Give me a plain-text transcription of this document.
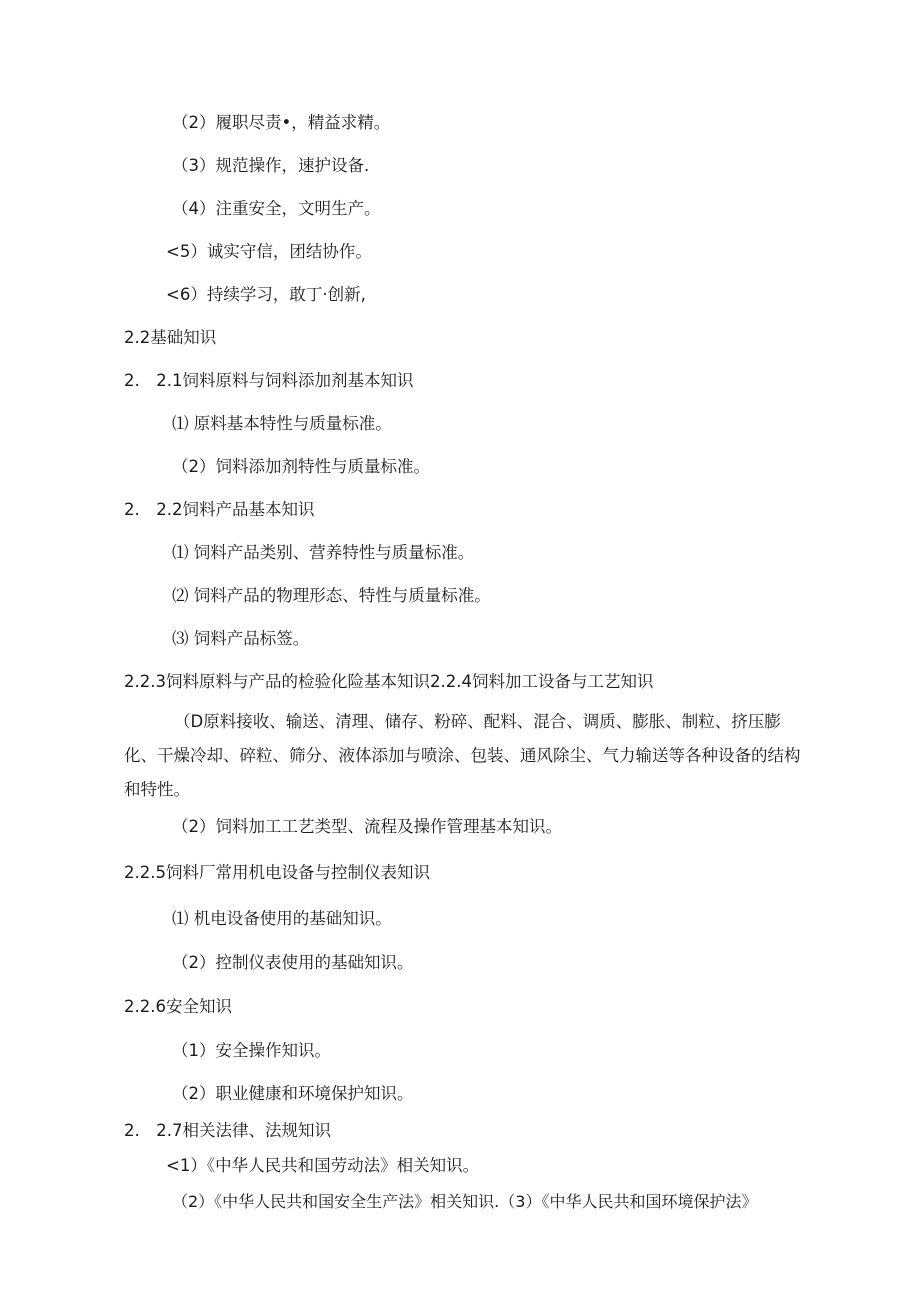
（2）履职尽责•，精益求精。
（3）规范操作，速护设备.
（4）注重安全，文明生产。
<5）诚实守信，团结协作。
<6）持续学习，敢丁·创新,
2.2基础知识
2.　2.1饲料原料与饲料添加剂基本知识
⑴ 原料基本特性与质量标准。
（2）饲料添加剂特性与质量标准。
2.　2.2饲料产品基本知识
⑴ 饲料产品类别、营养特性与质量标准。
⑵ 饲料产品的物理形态、特性与质量标准。
⑶ 饲料产品标签。
2.2.3饲料原料与产品的检验化险基本知识2.2.4饲料加工设备与工艺知识
（D原料接收、输送、清理、储存、粉碎、配料、混合、调质、膨胀、制粒、挤压膨化、干燥冷却、碎粒、筛分、液体添加与喷涂、包装、通风除尘、气力输送等各种设备的结构和特性。
（2）饲料加工工艺类型、流程及操作管理基本知识。
2.2.5饲料厂常用机电设备与控制仪表知识
⑴ 机电设备使用的基础知识。
（2）控制仪表使用的基础知识。
2.2.6安全知识
（1）安全操作知识。
（2）职业健康和环境保护知识。
2.　2.7相关法律、法规知识
<1）《中华人民共和国劳动法》相关知识。
（2）《中华人民共和国安全生产法》相关知识.（3）《中华人民共和国环境保护法》
